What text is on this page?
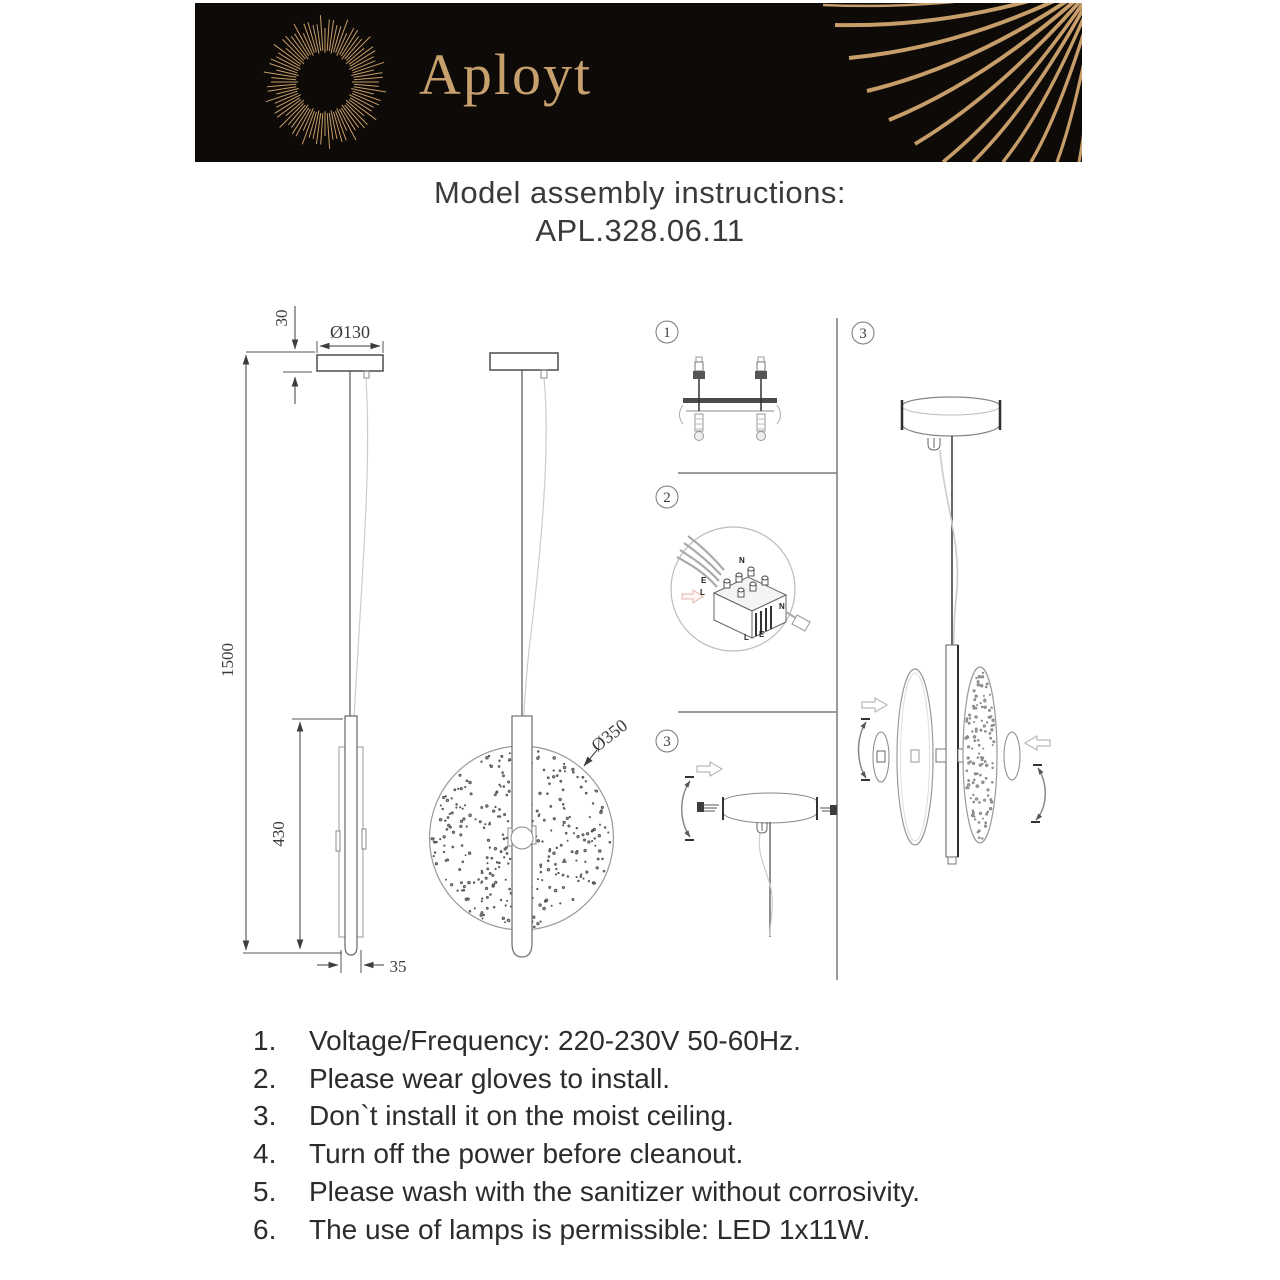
Aployt
Model assembly instructions:
APL.328.06.11
1500
30
Ø130
430
35
Ø350
1
2
N
E
L
N
L E
3
3
1.	Voltage/Frequency: 220-230V 50-60Hz.
2.	Please wear gloves to install.
3.	Don`t install it on the moist ceiling.
4.	Turn off the power before cleanout.
5.	Please wash with the sanitizer without corrosivity.
6.	The use of lamps is permissible: LED 1x11W.
